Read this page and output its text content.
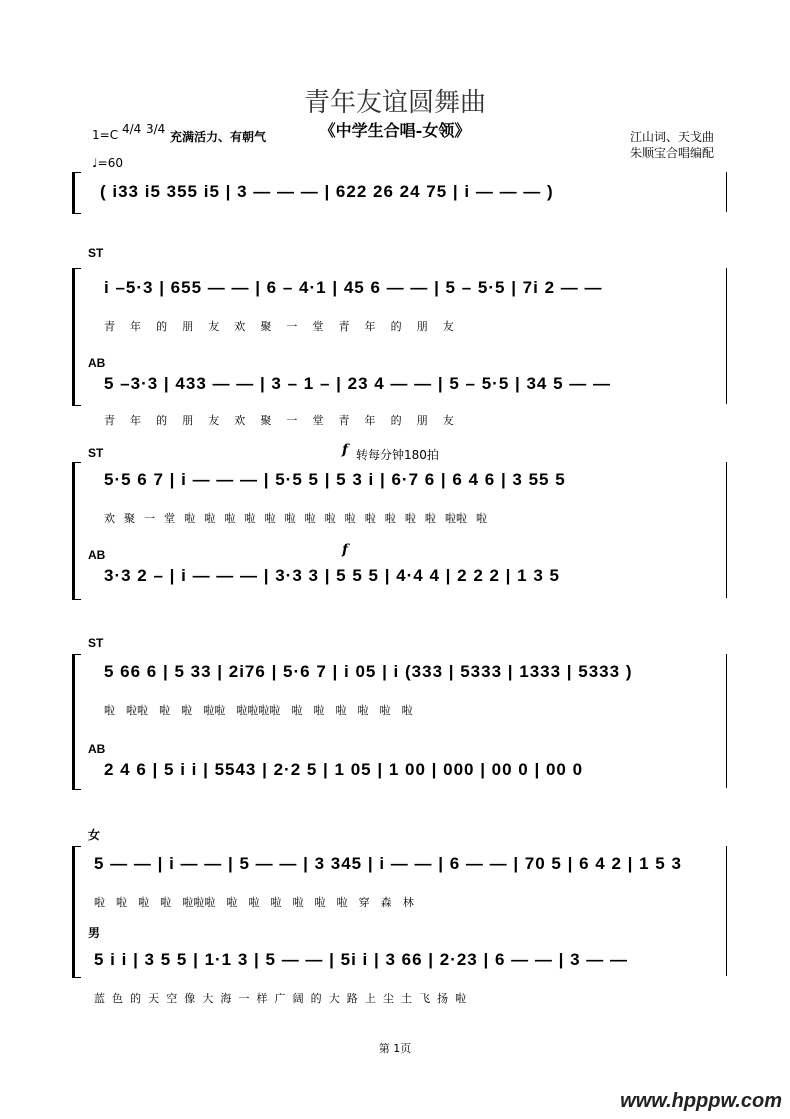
青年友谊圆舞曲
《中学生合唱-女领》
1=C 4/4 3/4
充满活力、有朝气
♩=60
江山词、天戈曲
朱顺宝合唱编配
( i33 i5 355 i5 | 3 — — — | 622 26 24 75 | i — — — )
ST
i –5·3 | 655 — — | 6 – 4·1 | 45 6 — — | 5 – 5·5 | 7i 2 — —
青 年 的 朋 友 欢 聚 一 堂 青 年 的 朋 友
AB
5 –3·3 | 433 — — | 3 – 1 – | 23 4 — — | 5 – 5·5 | 34 5 — —
青 年 的 朋 友 欢 聚 一 堂 青 年 的 朋 友
ST	f 转每分钟180拍
5·5 6 7 | i — — — | 5·5 5 | 5 3 i | 6·7 6 | 6 4 6 | 3 55 5
欢 聚 一 堂 啦 啦 啦 啦 啦 啦 啦 啦 啦 啦 啦 啦 啦 啦啦 啦
f
AB
3·3 2 – | i — — — | 3·3 3 | 5 5 5 | 4·4 4 | 2 2 2 | 1 3 5
ST
5 66 6 | 5 33 | 2i76 | 5·6 7 | i 05 | i (333 | 5333 | 1333 | 5333 )
啦 啦啦 啦 啦 啦啦 啦啦啦啦 啦 啦 啦 啦 啦 啦
AB
2 4 6 | 5 i i | 5543 | 2·2 5 | 1 05 | 1 00 | 000 | 00 0 | 00 0
女
5 — — | i — — | 5 — — | 3 345 | i — — | 6 — — | 70 5 | 6 4 2 | 1 5 3
啦 啦 啦 啦 啦啦啦 啦 啦 啦 啦 啦 啦 穿 森 林
男
5 i i | 3 5 5 | 1·1 3 | 5 — — | 5i i | 3 66 | 2·23 | 6 — — | 3 — —
蓝 色 的 天 空 像 大 海 一 样 广 阔 的 大 路 上 尘 土 飞 扬 啦
第 1页
www.hpppw.com
